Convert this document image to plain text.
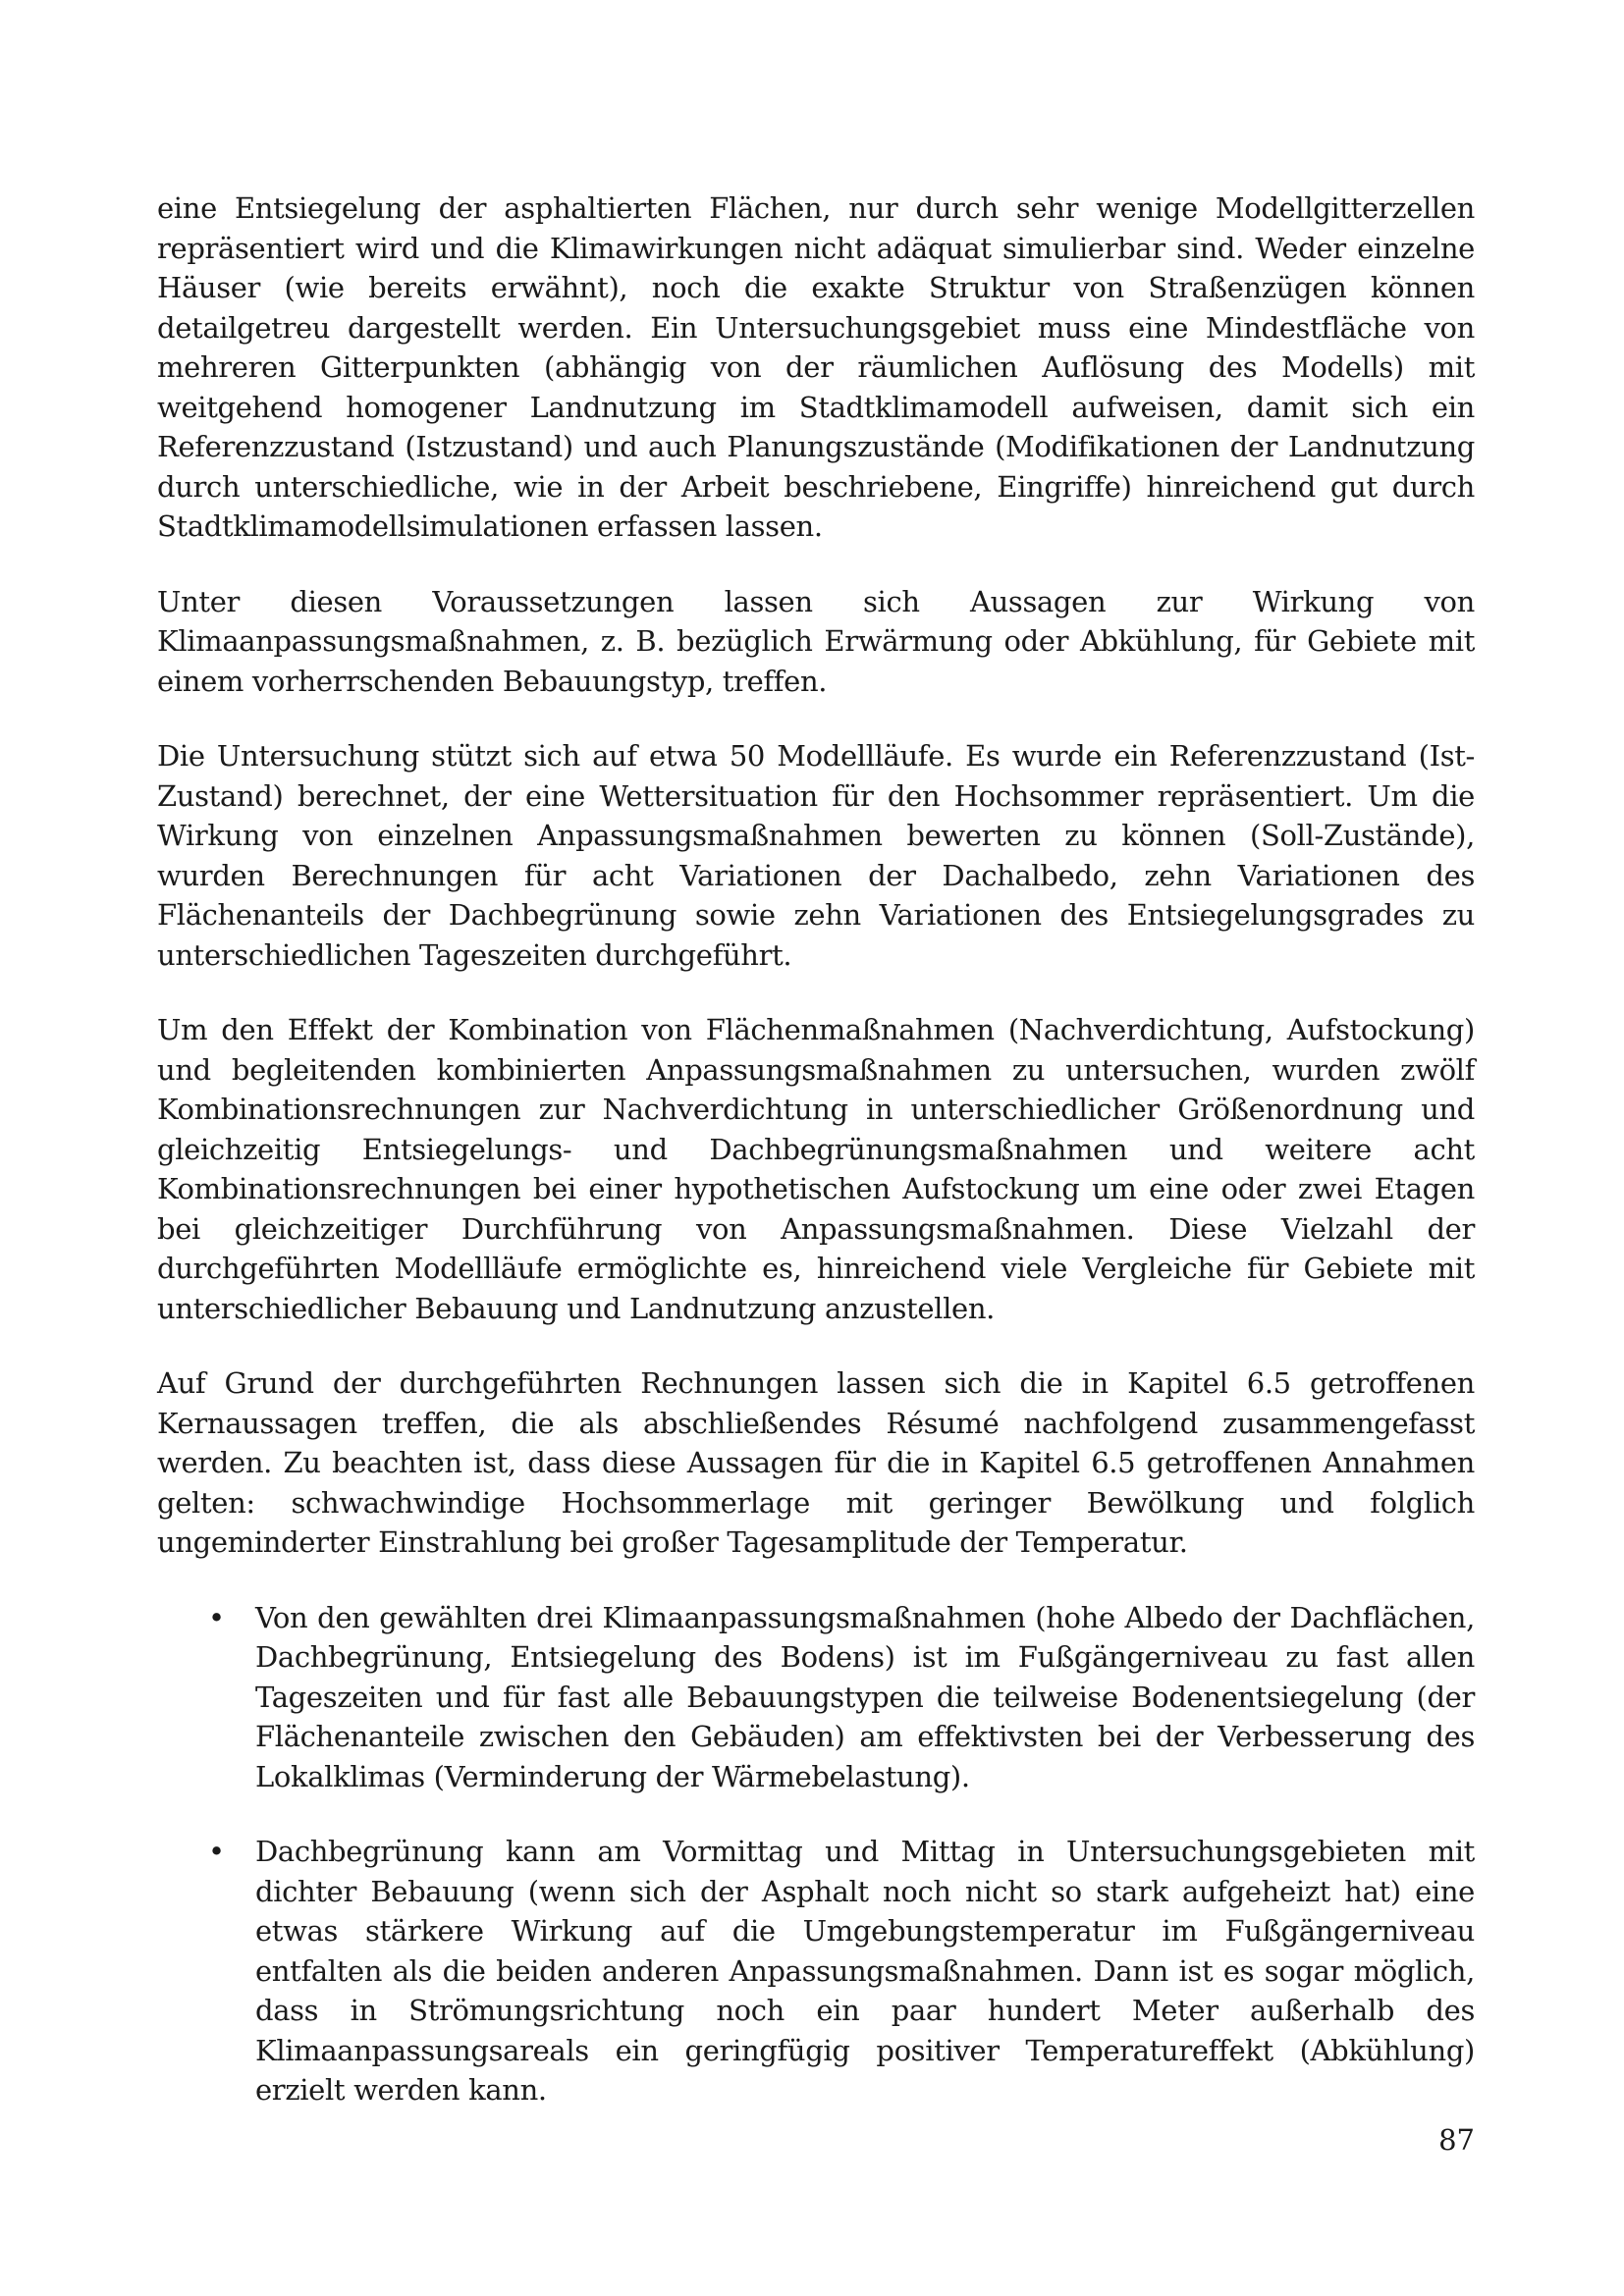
eine Entsiegelung der asphaltierten Flächen, nur durch sehr wenige Modellgitterzellen repräsentiert wird und die Klimawirkungen nicht adäquat simulierbar sind. Weder einzelne Häuser (wie bereits erwähnt), noch die exakte Struktur von Straßenzügen können detailgetreu dargestellt werden. Ein Untersuchungsgebiet muss eine Mindestfläche von mehreren Gitterpunkten (abhängig von der räumlichen Auflösung des Modells) mit weitgehend homogener Landnutzung im Stadtklimamodell aufweisen, damit sich ein Referenzzustand (Istzustand) und auch Planungszustände (Modifikationen der Landnutzung durch unterschiedliche, wie in der Arbeit beschriebene, Eingriffe) hinreichend gut durch Stadtklimamodellsimulationen erfassen lassen.

Unter diesen Voraussetzungen lassen sich Aussagen zur Wirkung von Klimaanpassungsmaßnahmen, z. B. bezüglich Erwärmung oder Abkühlung, für Gebiete mit einem vorherrschenden Bebauungstyp, treffen.

Die Untersuchung stützt sich auf etwa 50 Modellläufe. Es wurde ein Referenzzustand (Ist-Zustand) berechnet, der eine Wettersituation für den Hochsommer repräsentiert. Um die Wirkung von einzelnen Anpassungsmaßnahmen bewerten zu können (Soll-Zustände), wurden Berechnungen für acht Variationen der Dachalbedo, zehn Variationen des Flächenanteils der Dachbegrünung sowie zehn Variationen des Entsiegelungsgrades zu unterschiedlichen Tageszeiten durchgeführt.

Um den Effekt der Kombination von Flächenmaßnahmen (Nachverdichtung, Aufstockung) und begleitenden kombinierten Anpassungsmaßnahmen zu untersuchen, wurden zwölf Kombinationsrechnungen zur Nachverdichtung in unterschiedlicher Größenordnung und gleichzeitig Entsiegelungs- und Dachbegrünungsmaßnahmen und weitere acht Kombinationsrechnungen bei einer hypothetischen Aufstockung um eine oder zwei Etagen bei gleichzeitiger Durchführung von Anpassungsmaßnahmen. Diese Vielzahl der durchgeführten Modellläufe ermöglichte es, hinreichend viele Vergleiche für Gebiete mit unterschiedlicher Bebauung und Landnutzung anzustellen.

Auf Grund der durchgeführten Rechnungen lassen sich die in Kapitel 6.5 getroffenen Kernaussagen treffen, die als abschließendes Résumé nachfolgend zusammengefasst werden. Zu beachten ist, dass diese Aussagen für die in Kapitel 6.5 getroffenen Annahmen gelten: schwachwindige Hochsommerlage mit geringer Bewölkung und folglich ungeminderter Einstrahlung bei großer Tagesamplitude der Temperatur.

• Von den gewählten drei Klimaanpassungsmaßnahmen (hohe Albedo der Dachflächen, Dachbegrünung, Entsiegelung des Bodens) ist im Fußgängerniveau zu fast allen Tageszeiten und für fast alle Bebauungstypen die teilweise Bodenentsiegelung (der Flächenanteile zwischen den Gebäuden) am effektivsten bei der Verbesserung des Lokalklimas (Verminderung der Wärmebelastung).

• Dachbegrünung kann am Vormittag und Mittag in Untersuchungsgebieten mit dichter Bebauung (wenn sich der Asphalt noch nicht so stark aufgeheizt hat) eine etwas stärkere Wirkung auf die Umgebungstemperatur im Fußgängerniveau entfalten als die beiden anderen Anpassungsmaßnahmen. Dann ist es sogar möglich, dass in Strömungsrichtung noch ein paar hundert Meter außerhalb des Klimaanpassungsareals ein geringfügig positiver Temperatureffekt (Abkühlung) erzielt werden kann.

87
